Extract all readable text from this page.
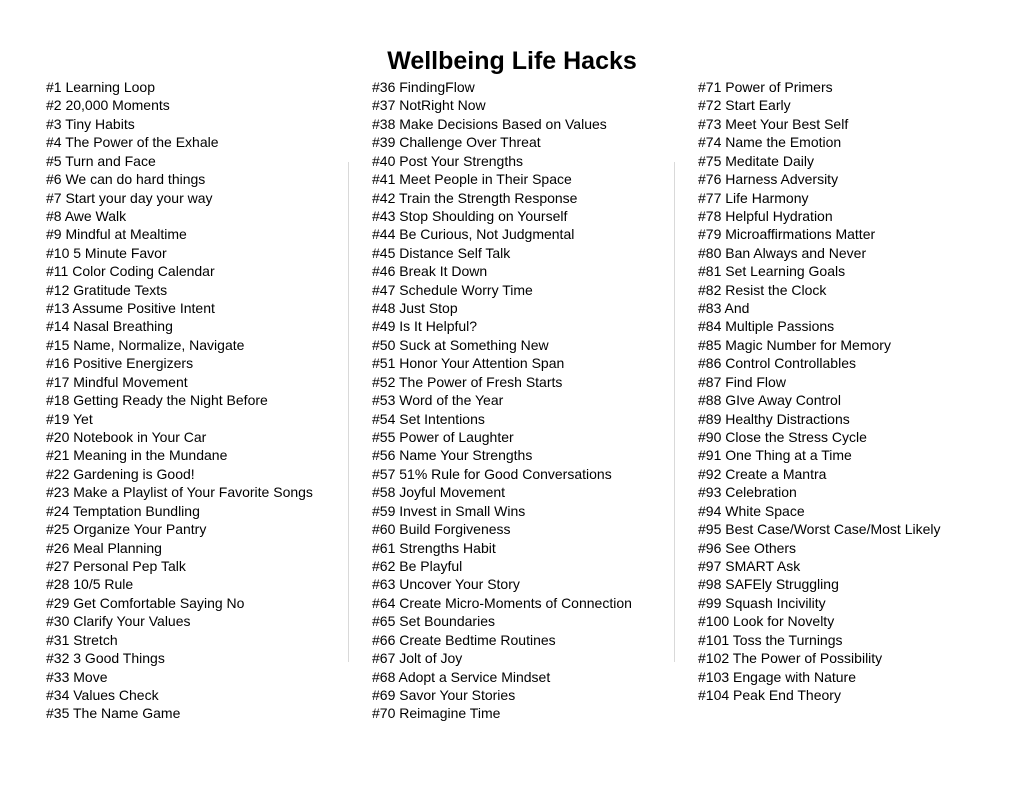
Wellbeing Life Hacks
#1 Learning Loop
#2 20,000 Moments
#3 Tiny Habits
#4 The Power of the Exhale
#5 Turn and Face
#6 We can do hard things
#7 Start your day your way
#8 Awe Walk
#9 Mindful at Mealtime
#10 5 Minute Favor
#11 Color Coding Calendar
#12 Gratitude Texts
#13 Assume Positive Intent
#14 Nasal Breathing
#15 Name, Normalize, Navigate
#16 Positive Energizers
#17 Mindful Movement
#18 Getting Ready the Night Before
#19 Yet
#20 Notebook in Your Car
#21 Meaning in the Mundane
#22 Gardening is Good!
#23 Make a Playlist of Your Favorite Songs
#24 Temptation Bundling
#25 Organize Your Pantry
#26 Meal Planning
#27 Personal Pep Talk
#28 10/5 Rule
#29 Get Comfortable Saying No
#30 Clarify Your Values
#31 Stretch
#32 3 Good Things
#33 Move
#34 Values Check
#35 The Name Game
#36 FindingFlow
#37 NotRight Now
#38 Make Decisions Based on Values
#39 Challenge Over Threat
#40 Post Your Strengths
#41 Meet People in Their Space
#42 Train the Strength Response
#43 Stop Shoulding on Yourself
#44 Be Curious, Not Judgmental
#45 Distance Self Talk
#46 Break It Down
#47 Schedule Worry Time
#48 Just Stop
#49 Is It Helpful?
#50 Suck at Something New
#51 Honor Your Attention Span
#52 The Power of Fresh Starts
#53 Word of the Year
#54 Set Intentions
#55 Power of Laughter
#56 Name Your Strengths
#57 51% Rule for Good Conversations
#58 Joyful Movement
#59 Invest in Small Wins
#60 Build Forgiveness
#61 Strengths Habit
#62 Be Playful
#63 Uncover Your Story
#64 Create Micro-Moments of Connection
#65 Set Boundaries
#66 Create Bedtime Routines
#67 Jolt of Joy
#68 Adopt a Service Mindset
#69 Savor Your Stories
#70 Reimagine Time
#71 Power of Primers
#72 Start Early
#73 Meet Your Best Self
#74 Name the Emotion
#75 Meditate Daily
#76 Harness Adversity
#77 Life Harmony
#78 Helpful Hydration
#79 Microaffirmations Matter
#80 Ban Always and Never
#81 Set Learning Goals
#82 Resist the Clock
#83 And
#84 Multiple Passions
#85 Magic Number for Memory
#86 Control Controllables
#87 Find Flow
#88 GIve Away Control
#89 Healthy Distractions
#90 Close the Stress Cycle
#91 One Thing at a Time
#92 Create a Mantra
#93 Celebration
#94 White Space
#95 Best Case/Worst Case/Most Likely
#96 See Others
#97 SMART Ask
#98 SAFEly Struggling
#99 Squash Incivility
#100 Look for Novelty
#101 Toss the Turnings
#102 The Power of Possibility
#103 Engage with Nature
#104 Peak End Theory
